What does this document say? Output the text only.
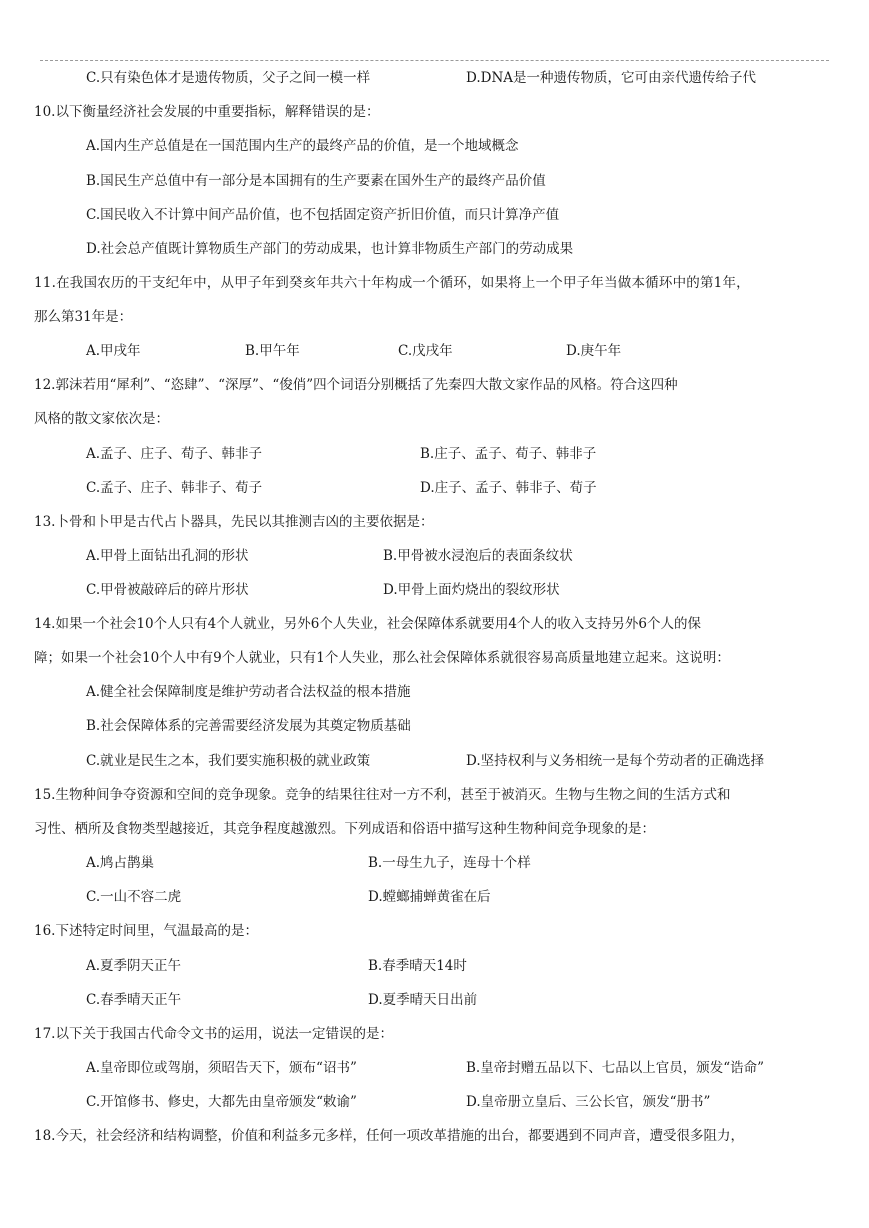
C.只有染色体才是遗传物质，父子之间一模一样	D.DNA是一种遗传物质，它可由亲代遗传给子代
10.以下衡量经济社会发展的中重要指标，解释错误的是：
A.国内生产总值是在一国范围内生产的最终产品的价值，是一个地域概念
B.国民生产总值中有一部分是本国拥有的生产要素在国外生产的最终产品价值
C.国民收入不计算中间产品价值，也不包括固定资产折旧价值，而只计算净产值
D.社会总产值既计算物质生产部门的劳动成果，也计算非物质生产部门的劳动成果
11.在我国农历的干支纪年中，从甲子年到癸亥年共六十年构成一个循环，如果将上一个甲子年当做本循环中的第1年，
那么第31年是：
A.甲戌年	B.甲午年	C.戊戌年	D.庚午年
12.郭沫若用“犀利”、“恣肆”、“深厚”、“俊俏”四个词语分别概括了先秦四大散文家作品的风格。符合这四种
风格的散文家依次是：
A.孟子、庄子、荀子、韩非子	B.庄子、孟子、荀子、韩非子
C.孟子、庄子、韩非子、荀子	D.庄子、孟子、韩非子、荀子
13.卜骨和卜甲是古代占卜器具，先民以其推测吉凶的主要依据是：
A.甲骨上面钻出孔洞的形状	B.甲骨被水浸泡后的表面条纹状
C.甲骨被敲碎后的碎片形状	D.甲骨上面灼烧出的裂纹形状
14.如果一个社会10个人只有4个人就业，另外6个人失业，社会保障体系就要用4个人的收入支持另外6个人的保
障；如果一个社会10个人中有9个人就业，只有1个人失业，那么社会保障体系就很容易高质量地建立起来。这说明：
A.健全社会保障制度是维护劳动者合法权益的根本措施
B.社会保障体系的完善需要经济发展为其奠定物质基础
C.就业是民生之本，我们要实施积极的就业政策	D.坚持权利与义务相统一是每个劳动者的正确选择
15.生物种间争夺资源和空间的竞争现象。竞争的结果往往对一方不利，甚至于被消灭。生物与生物之间的生活方式和
习性、栖所及食物类型越接近，其竞争程度越激烈。下列成语和俗语中描写这种生物种间竞争现象的是：
A.鸠占鹊巢	B.一母生九子，连母十个样
C.一山不容二虎	D.螳螂捕蝉黄雀在后
16.下述特定时间里，气温最高的是：
A.夏季阴天正午	B.春季晴天14时
C.春季晴天正午	D.夏季晴天日出前
17.以下关于我国古代命令文书的运用，说法一定错误的是：
A.皇帝即位或驾崩，须昭告天下，颁布“诏书”	B.皇帝封赠五品以下、七品以上官员，颁发“诰命”
C.开馆修书、修史，大都先由皇帝颁发“敕谕”	D.皇帝册立皇后、三公长官，颁发“册书”
18.今天，社会经济和结构调整，价值和利益多元多样，任何一项改革措施的出台，都要遇到不同声音，遭受很多阻力，
